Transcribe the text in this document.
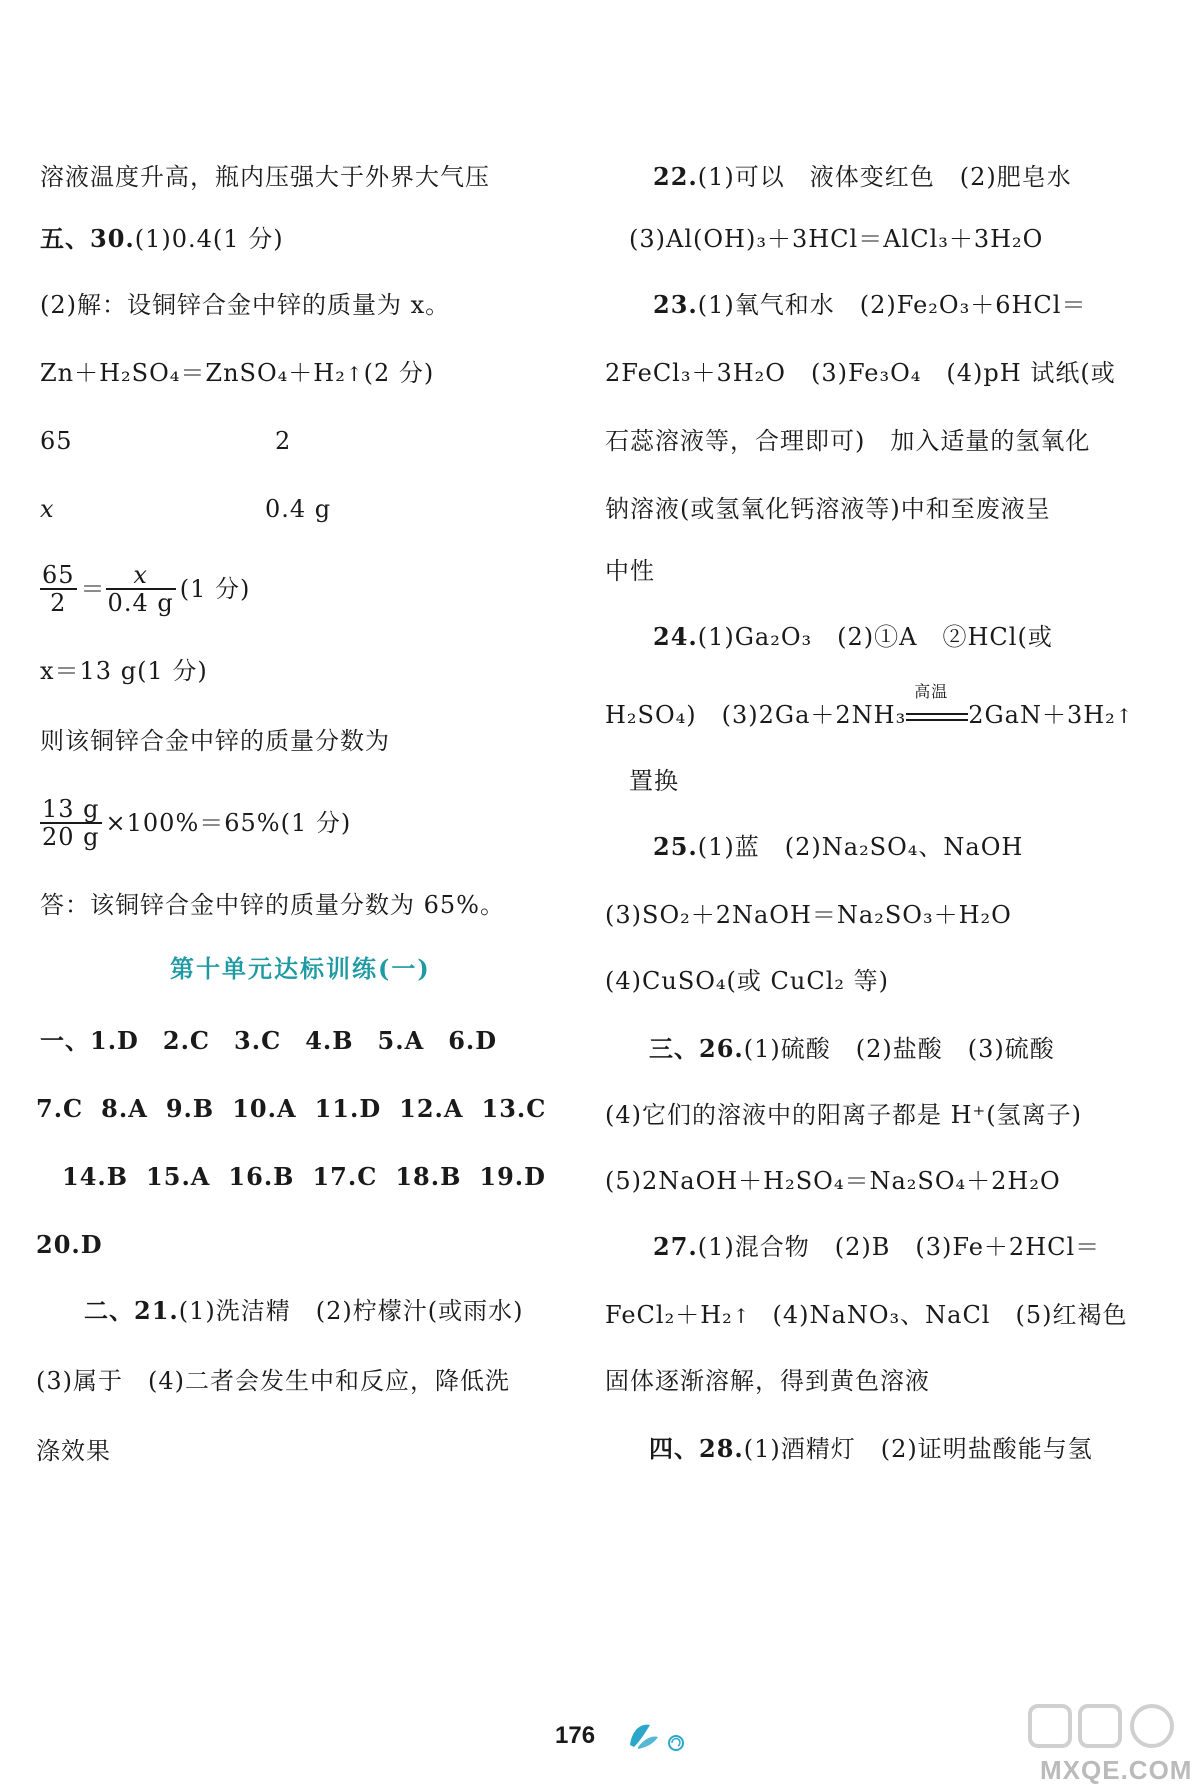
溶液温度升高，瓶内压强大于外界大气压
五、30.(1)0.4(1 分)
(2)解：设铜锌合金中锌的质量为 x。
Zn＋H₂SO₄＝ZnSO₄＋H₂↑(2 分)
65	2
x	0.4 g
$\frac{65}{2} = \frac{x}{0.4 g} (1$ 分)
x＝13 g(1 分)
则该铜锌合金中锌的质量分数为
$\frac{13 g}{20 g} \times 100\%=65\%(1$ 分)
答：该铜锌合金中锌的质量分数为 65%。
第十单元达标训练(一)
一、1.D 2.C 3.C 4.B 5.A 6.D
7.C 8.A 9.B 10.A 11.D 12.A 13.C
14.B 15.A 16.B 17.C 18.B 19.D
20.D
二、21.(1)洗洁精　(2)柠檬汁(或雨水)
(3)属于　(4)二者会发生中和反应，降低洗
涤效果
22.(1)可以　液体变红色　(2)肥皂水
(3)Al(OH)₃＋3HCl＝AlCl₃＋3H₂O
23.(1)氧气和水　(2)Fe₂O₃＋6HCl＝
2FeCl₃＋3H₂O　(3)Fe₃O₄　(4)pH 试纸(或
石蕊溶液等，合理即可)　加入适量的氢氧化
钠溶液(或氢氧化钙溶液等)中和至废液呈
中性
24.(1)Ga₂O₃　(2)①A　②HCl(或
H₂SO₄)　(3)2Ga＋2NH₃
高温
2GaN＋3H₂↑
置换
25.(1)蓝　(2)Na₂SO₄、NaOH
(3)SO₂＋2NaOH＝Na₂SO₃＋H₂O
(4)CuSO₄(或 CuCl₂ 等)
三、26.(1)硫酸　(2)盐酸　(3)硫酸
(4)它们的溶液中的阳离子都是 H⁺(氢离子)
(5)2NaOH＋H₂SO₄＝Na₂SO₄＋2H₂O
27.(1)混合物　(2)B　(3)Fe＋2HCl＝
FeCl₂＋H₂↑ (4)NaNO₃、NaCl　(5)红褐色
固体逐渐溶解，得到黄色溶液
四、28.(1)酒精灯　(2)证明盐酸能与氢
176
MXQE.COM
